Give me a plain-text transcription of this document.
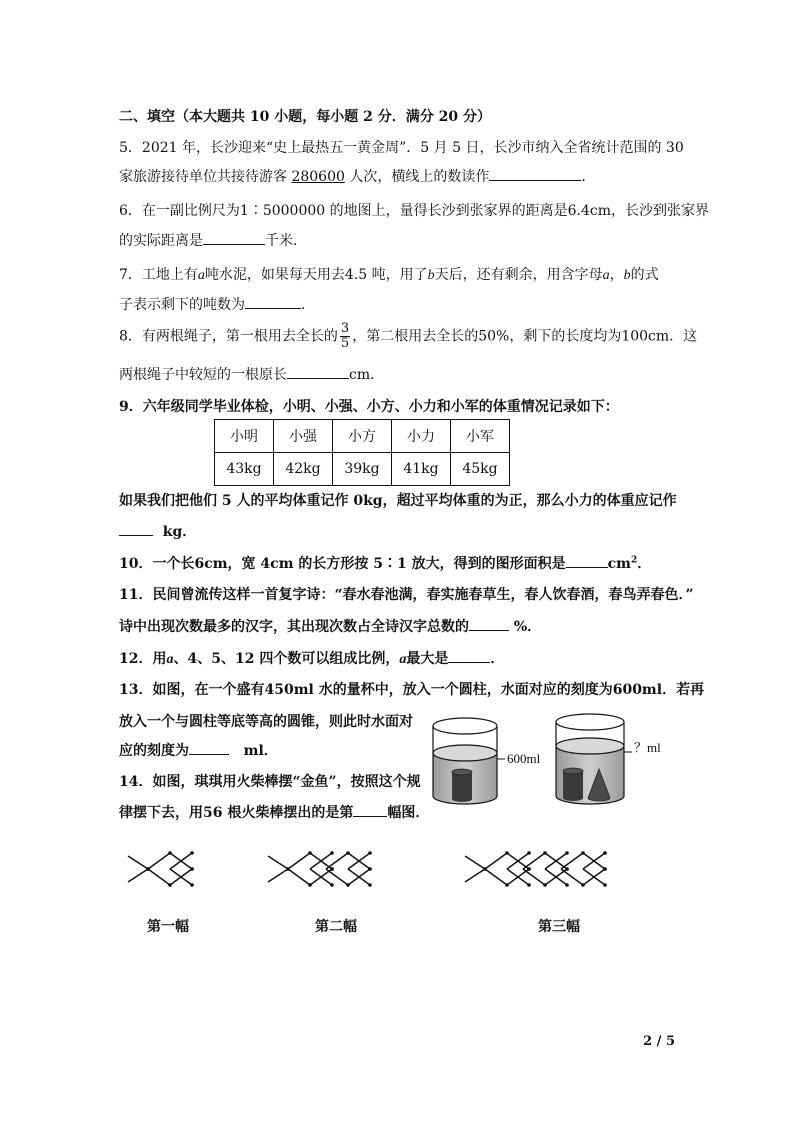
二、填空（本大题共 10 小题，每小题 2 分．满分 20 分）
5．2021 年，长沙迎来“史上最热五一黄金周”．5 月 5 日，长沙市纳入全省统计范围的 30
家旅游接待单位共接待游客 280600 人次，横线上的数读作	．
6．在一副比例尺为1∶5000000 的地图上，量得长沙到张家界的距离是6.4cm，长沙到张家界
的实际距离是	千米．
7．工地上有a吨水泥，如果每天用去4.5 吨，用了b天后，还有剩余，用含字母a，b的式
子表示剩下的吨数为	．
8．有两根绳子，第一根用去全长的 $\frac{3}{5}$ ，第二根用去全长的50%，剩下的长度均为100cm．这
两根绳子中较短的一根原长	cm．
9．六年级同学毕业体检，小明、小强、小方、小力和小军的体重情况记录如下：
小明	小强	小方	小力	小军
43kg	42kg	39kg	41kg	45kg
如果我们把他们 5 人的平均体重记作 0kg，超过平均体重的为正，那么小力的体重应记作
kg．
10．一个长6cm，宽 4cm 的长方形按 5∶1 放大，得到的图形面积是	$cm^2$．
11．民间曾流传这样一首复字诗：“春水春池满，春实施春草生，春人饮春酒，春鸟弄春色．”
诗中出现次数最多的汉字，其出现次数占全诗汉字总数的	%．
12．用a、4、5、12 四个数可以组成比例，a最大是	．
13．如图，在一个盛有450ml 水的量杯中，放入一个圆柱，水面对应的刻度为600ml．若再
放入一个与圆柱等底等高的圆锥，则此时水面对
应的刻度为	ml．	600ml
？ml
14．如图，琪琪用火柴棒摆“金鱼”，按照这个规
律摆下去，用56 根火柴棒摆出的是第 幅图．
第一幅	第二幅	第三幅
2 / 5
